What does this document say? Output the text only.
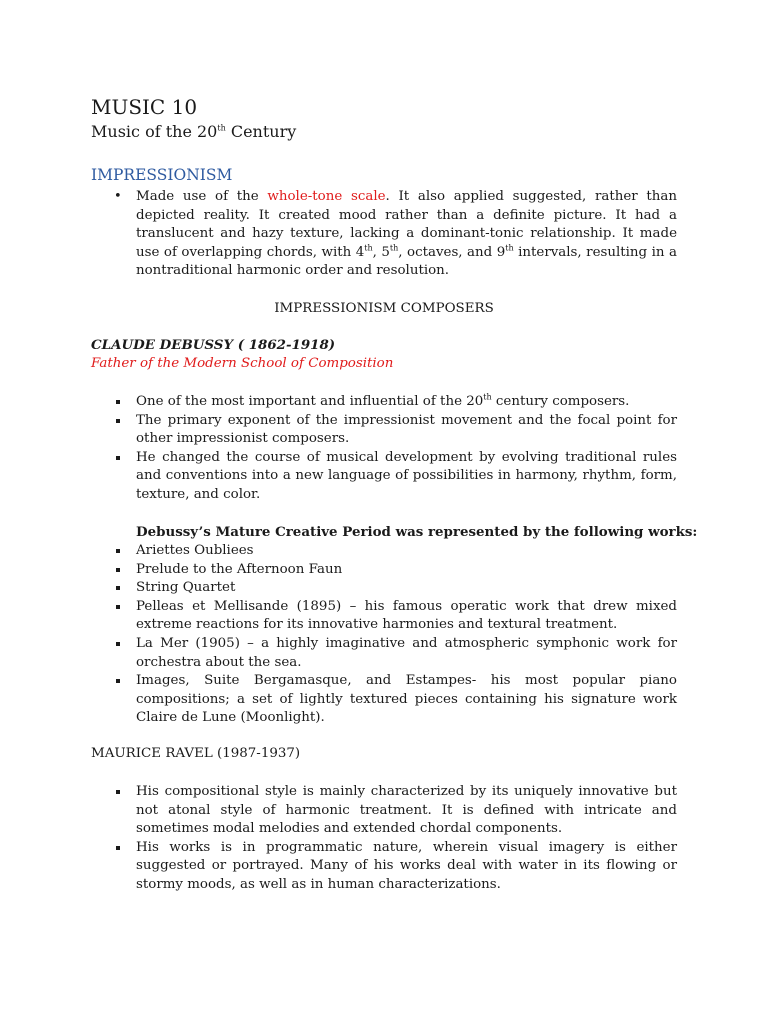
MUSIC 10
Music of the 20th Century
IMPRESSIONISM
• Made use of the whole-tone scale. It also applied suggested, rather than depicted reality. It created mood rather than a definite picture. It had a translucent and hazy texture, lacking a dominant-tonic relationship. It made use of overlapping chords, with 4th, 5th, octaves, and 9th intervals, resulting in a nontraditional harmonic order and resolution.
IMPRESSIONISM COMPOSERS
CLAUDE DEBUSSY ( 1862-1918)
Father of the Modern School of Composition
One of the most important and influential of the 20th century composers.
The primary exponent of the impressionist movement and the focal point for other impressionist composers.
He changed the course of musical development by evolving traditional rules and conventions into a new language of possibilities in harmony, rhythm, form, texture, and color.
Debussy’s Mature Creative Period was represented by the following works:
Ariettes Oubliees
Prelude to the Afternoon Faun
String Quartet
Pelleas et Mellisande (1895) – his famous operatic work that drew mixed extreme reactions for its innovative harmonies and textural treatment.
La Mer (1905) – a highly imaginative and atmospheric symphonic work for orchestra about the sea.
Images, Suite Bergamasque, and Estampes- his most popular piano compositions; a set of lightly textured pieces containing his signature work Claire de Lune (Moonlight).
MAURICE RAVEL (1987-1937)
His compositional style is mainly characterized by its uniquely innovative but not atonal style of harmonic treatment. It is defined with intricate and sometimes modal melodies and extended chordal components.
His works is in programmatic nature, wherein visual imagery is either suggested or portrayed. Many of his works deal with water in its flowing or stormy moods, as well as in human characterizations.
